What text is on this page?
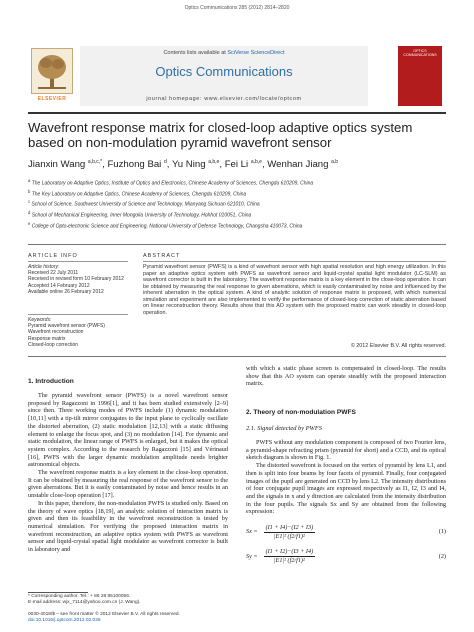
Optics Communications 285 (2012) 2814–2820
ELSEVIER
Contents lists available at SciVerse ScienceDirect
Optics Communications
journal homepage: www.elsevier.com/locate/optcom
OPTICS COMMUNICATIONS
Wavefront response matrix for closed-loop adaptive optics system based on non-modulation pyramid wavefront sensor
Jianxin Wang $^{a,b,c,*}$, Fuzhong Bai $^d$, Yu Ning $^{a,b,e}$, Fei Li $^{a,b,e}$, Wenhan Jiang $^{a,b}$
$^a$ The Laboratory on Adaptive Optics, Institute of Optics and Electronics, Chinese Academy of Sciences, Chengdu 610209, China
$^b$ The Key Laboratory on Adaptive Optics, Chinese Academy of Sciences, Chengdu 610209, China
$^c$ School of Science, Southwest University of Science and Technology, Mianyang Sichuan 621010, China
$^d$ School of Mechanical Engineering, Inner Mongolia University of Technology, Hohhot 010051, China
$^e$ College of Opto-electronic Science and Engineering, National University of Defense Technology, Changsha 410073, China
ARTICLE INFO	ABSTRACT
Article history:
Received 22 July 2011
Received in revised form 10 February 2012
Accepted 14 February 2012
Available online 26 February 2012
Keywords:
Pyramid wavefront sensor (PWFS)
Wavefront reconstruction
Response matrix
Closed-loop correction
Pyramid wavefront sensor (PWFS) is a kind of wavefront sensor with high spatial resolution and high energy utilization. In this paper an adaptive optics system with PWFS as wavefront sensor and liquid-crystal spatial light modulator (LC-SLM) as wavefront corrector is built in the laboratory. The wavefront response matrix is a key element in the close-loop operation. It can be obtained by measuring the real response to given aberrations, which is easily contaminated by noise and influenced by the inherent aberration in the optical system. A kind of analytic solution of response matrix is proposed, with which numerical simulation and experiment are also implemented to verify the performance of closed-loop correction of static aberration based on linear reconstruction theory. Results show that this AO system with the proposed matrix can work steadily in closed-loop operation.
© 2012 Elsevier B.V. All rights reserved.
1. Introduction
The pyramid wavefront sensor (PWFS) is a novel wavefront sensor proposed by Ragazzoni in 1996[1], and it has been studied extensively [2–9] since then. Three working modes of PWFS include (1) dynamic modulation [10,11] with a tip-tilt mirror conjugates to the input plane to cyclically oscillate the distorted aberration, (2) static modulation [12,13] with a static diffusing element to enlarge the focus spot, and (3) no modulation [14]. For dynamic and static modulation, the linear range of PWFS is enlarged, but it makes the optical system complex. According to the research by Ragazzoni [15] and Vérinaud [16], PWFS with the larger dynamic modulation amplitude needs brighter astronomical objects.
The wavefront response matrix is a key element in the close-loop operation. It can be obtained by measuring the real response of the wavefront sensor to the given aberrations. But it is easily contaminated by noise and hence results in an unstable close-loop operation [17].
In this paper, therefore, the non-modulation PWFS is studied only. Based on the theory of wave optics [18,19], an analytic solution of interaction matrix is given and then its feasibility in the wavefront reconstruction is tested by numerical simulation. For verifying the proposed interaction matrix in wavefront reconstruction, an adaptive optics system with PWFS as wavefront sensor and liquid-crystal spatial light modulator as wavefront corrector is built in laboratory and
with which a static phase screen is compensated in closed-loop. The results show that this AO system can operate steadily with the proposed interaction matrix.
2. Theory of non-modulation PWFS
2.1. Signal detected by PWFS
PWFS without any modulation component is composed of two Fourier lens, a pyramid-shape refracting prism (pyramid for short) and a CCD, and its optical sketch diagram is shown in Fig. 1.
The distorted wavefront is focused on the vertex of pyramid by lens L1, and then is split into four beams by four facets of pyramid. Finally, four conjugated images of the pupil are generated on CCD by lens L2. The intensity distributions of four conjugate pupil images are expressed respectively as I1, I2, I3 and I4, and the signals in x and y direction are calculated from the intensity distribution in the four pupils. The signals Sx and Sy are obtained from the following expression:
$Sx = \frac{(I1 + I4)-(I2 + I3)}{\text{|E1|² (f2/f1)²}}$	(1)
$Sy = \frac{(I1 + I2)-(I3 + I4)}{\text{|E1|² (f2/f1)²}}$	(2)
* Corresponding author. Tel.: + 86 28 85100056.
E-mail address: wjx_7114@yahoo.com.cn (J. Wang).
0030-4018/$ – see front matter © 2012 Elsevier B.V. All rights reserved.
doi:10.1016/j.optcom.2012.02.026
